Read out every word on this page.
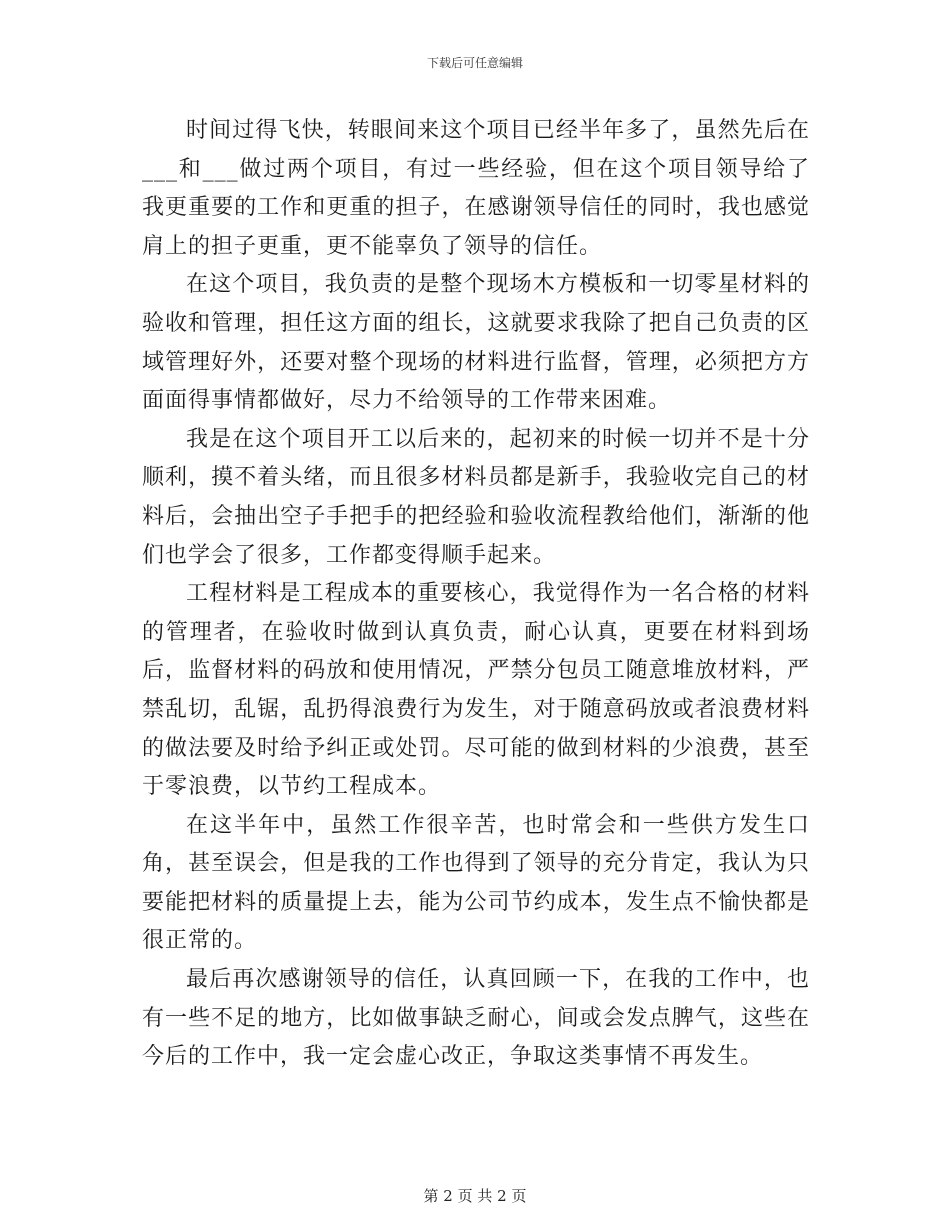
下载后可任意编辑

时间过得飞快，转眼间来这个项目已经半年多了，虽然先后在___和___做过两个项目，有过一些经验，但在这个项目领导给了我更重要的工作和更重的担子，在感谢领导信任的同时，我也感觉肩上的担子更重，更不能辜负了领导的信任。

在这个项目，我负责的是整个现场木方模板和一切零星材料的验收和管理，担任这方面的组长，这就要求我除了把自己负责的区域管理好外，还要对整个现场的材料进行监督，管理，必须把方方面面得事情都做好，尽力不给领导的工作带来困难。

我是在这个项目开工以后来的，起初来的时候一切并不是十分顺利，摸不着头绪，而且很多材料员都是新手，我验收完自己的材料后，会抽出空子手把手的把经验和验收流程教给他们，渐渐的他们也学会了很多，工作都变得顺手起来。

工程材料是工程成本的重要核心，我觉得作为一名合格的材料的管理者，在验收时做到认真负责，耐心认真，更要在材料到场后，监督材料的码放和使用情况，严禁分包员工随意堆放材料，严禁乱切，乱锯，乱扔得浪费行为发生，对于随意码放或者浪费材料的做法要及时给予纠正或处罚。尽可能的做到材料的少浪费，甚至于零浪费，以节约工程成本。

在这半年中，虽然工作很辛苦，也时常会和一些供方发生口角，甚至误会，但是我的工作也得到了领导的充分肯定，我认为只要能把材料的质量提上去，能为公司节约成本，发生点不愉快都是很正常的。

最后再次感谢领导的信任，认真回顾一下，在我的工作中，也有一些不足的地方，比如做事缺乏耐心，间或会发点脾气，这些在今后的工作中，我一定会虚心改正，争取这类事情不再发生。

第 2 页 共 2 页
